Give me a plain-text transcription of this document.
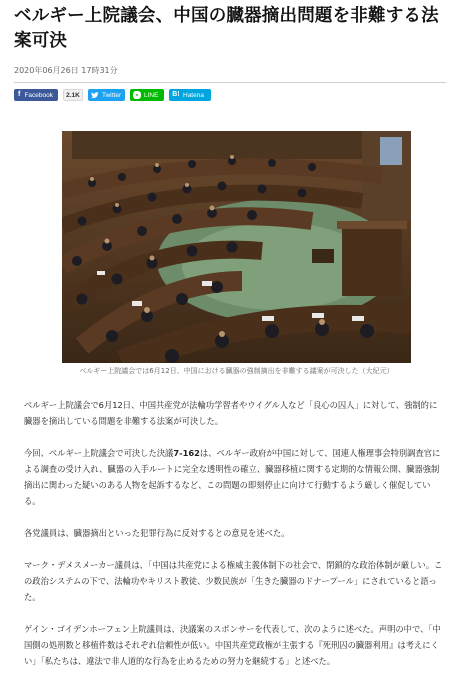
ベルギー上院議会、中国の臓器摘出問題を非難する法案可決
2020年06月26日 17時31分
f Facebook	2.1K	Twitter	● LINE B! Hatena
ベルギー上院議会では6月12日、中国における臓器の強制摘出を非難する議案が可決した（大紀元）

ベルギー上院議会で6月12日、中国共産党が法輪功学習者やウイグル人など「良心の囚人」に対して、強制的に臓器を摘出している問題を非難する法案が可決した。

今回、ベルギー上院議会で可決した決議7-162は、ベルギー政府が中国に対して、国連人権理事会特別調査官による調査の受け入れ、臓器の入手ルートに完全な透明性の確立、臓器移植に関する定期的な情報公開、臓器強制摘出に関わった疑いのある人物を起訴するなど、この問題の即刻停止に向けて行動するよう厳しく催促している。

各党議員は、臓器摘出といった犯罪行為に反対するとの意見を述べた。

マーク・デメスメーカー議員は、「中国は共産党による権威主義体制下の社会で、閉鎖的な政治体制が厳しい。この政治システムの下で、法輪功やキリスト教徒、少数民族が「生きた臓器のドナープール」にされていると語った。

ゲイン・ゴイデンホーフェン上院議員は、決議案のスポンサーを代表して、次のように述べた。声明の中で、「中国側の処刑数と移植件数はそれぞれ信頼性が低い。中国共産党政権が主張する『死刑囚の臓器利用』は考えにくい」「私たちは、違法で非人道的な行為を止めるための努力を継続する」と述べた。
